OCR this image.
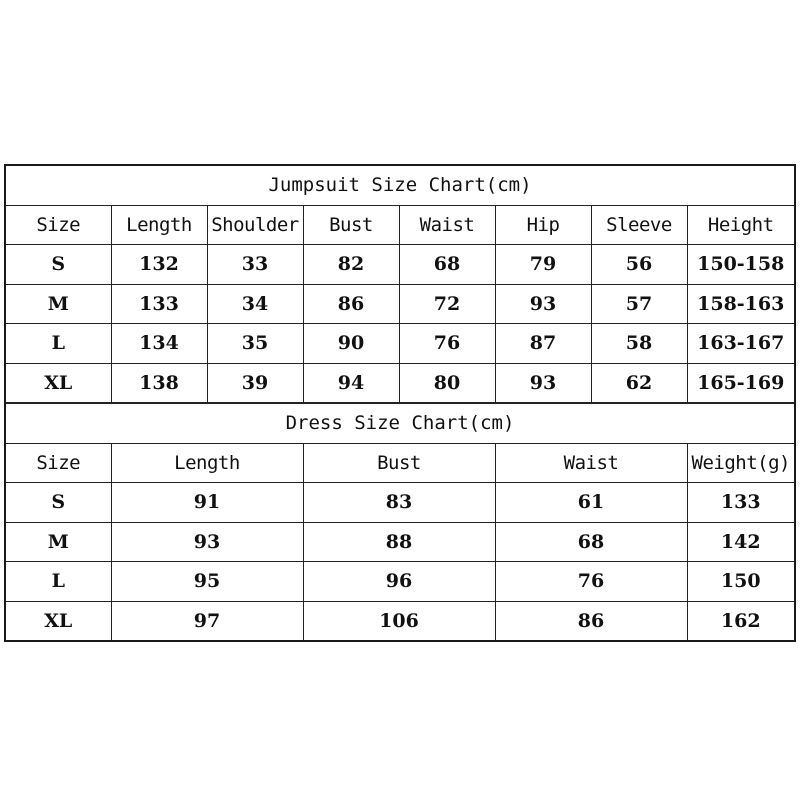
Jumpsuit Size Chart(cm)							
Size	Length	Shoulder	Bust	Waist	Hip	Sleeve	Height
S	132	33	82	68	79	56	150-158
M	133	34	86	72	93	57	158-163
L	134	35	90	76	87	58	163-167
XL	138	39	94	80	93	62	165-169
Dress Size Chart(cm)				
Size	Length	Bust	Waist	Weight(g)
S	91	83	61	133
M	93	88	68	142
L	95	96	76	150
XL	97	106	86	162
